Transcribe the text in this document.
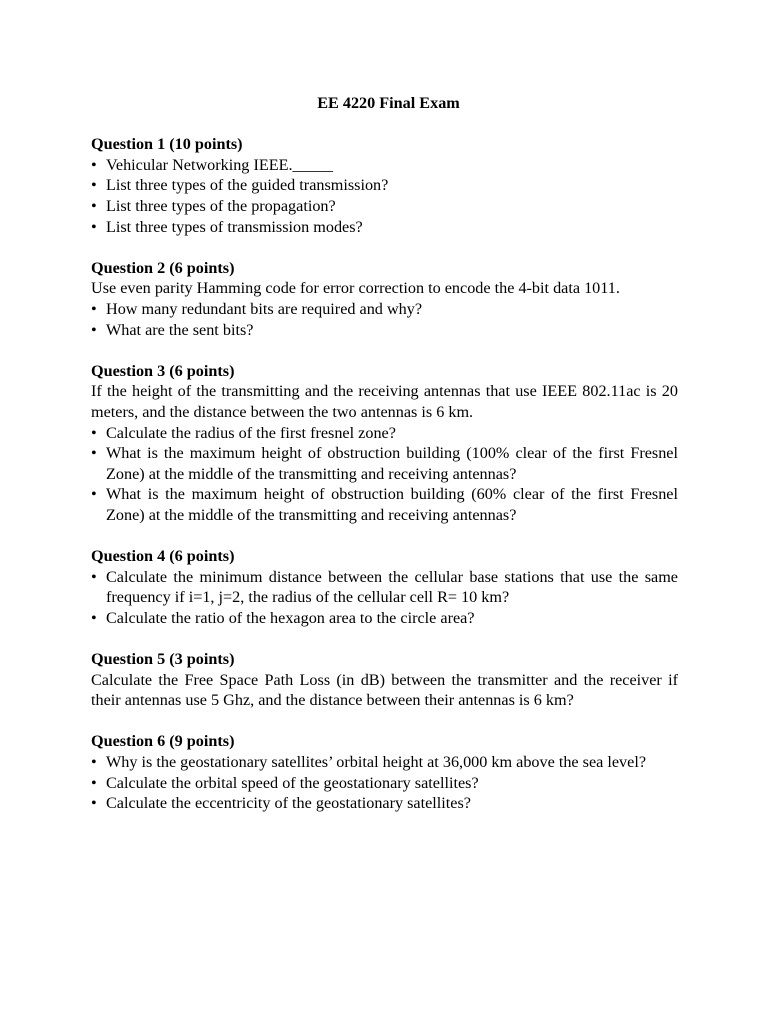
EE 4220 Final Exam
Question 1 (10 points)
• Vehicular Networking IEEE._____
• List three types of the guided transmission?
• List three types of the propagation?
• List three types of transmission modes?
Question 2 (6 points)
Use even parity Hamming code for error correction to encode the 4-bit data 1011.
• How many redundant bits are required and why?
• What are the sent bits?
Question 3 (6 points)
If the height of the transmitting and the receiving antennas that use IEEE 802.11ac is 20 meters, and the distance between the two antennas is 6 km.
• Calculate the radius of the first fresnel zone?
• What is the maximum height of obstruction building (100% clear of the first Fresnel Zone) at the middle of the transmitting and receiving antennas?
• What is the maximum height of obstruction building (60% clear of the first Fresnel Zone) at the middle of the transmitting and receiving antennas?
Question 4 (6 points)
• Calculate the minimum distance between the cellular base stations that use the same frequency if i=1, j=2, the radius of the cellular cell R= 10 km?
• Calculate the ratio of the hexagon area to the circle area?
Question 5 (3 points)
Calculate the Free Space Path Loss (in dB) between the transmitter and the receiver if their antennas use 5 Ghz, and the distance between their antennas is 6 km?
Question 6 (9 points)
• Why is the geostationary satellites’ orbital height at 36,000 km above the sea level?
• Calculate the orbital speed of the geostationary satellites?
• Calculate the eccentricity of the geostationary satellites?
